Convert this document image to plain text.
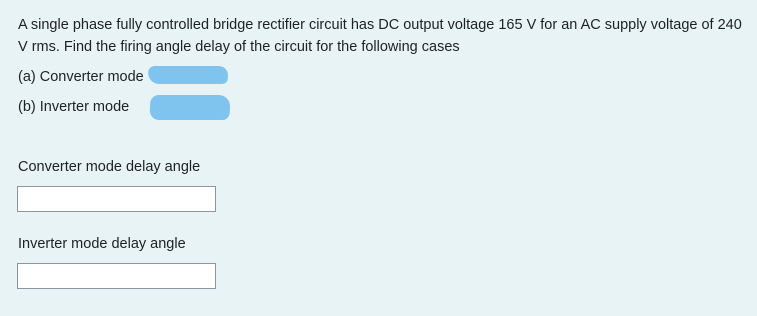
A single phase fully controlled bridge rectifier circuit has DC output voltage 165 V for an AC supply voltage of 240 V rms. Find the firing angle delay of the circuit for the following cases
(a) Converter mode
(b) Inverter mode
Converter mode delay angle
Inverter mode delay angle
